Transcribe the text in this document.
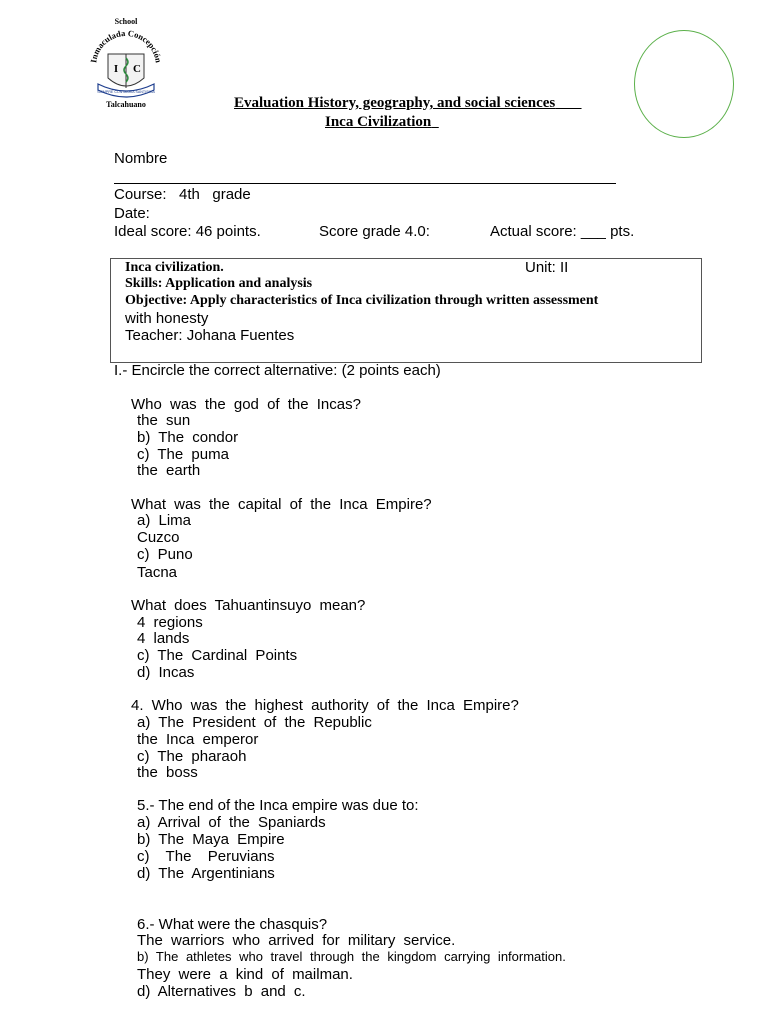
School
Inmaculada Concepción
I C
SIEMPRE CON MARIA SANTISIMA
Talcahuano	Evaluation History, geography, and social sciences
Inca Civilization
Nombre
Course:   4th   grade
Date:
Ideal score: 46 points.	Score grade 4.0:	Actual score: ___ pts.
Inca civilization.	Unit: II
Skills: Application and analysis
Objective: Apply characteristics of Inca civilization through written assessment
with honesty
Teacher: Johana Fuentes
I.- Encircle the correct alternative: (2 points each)
Who was the god of the Incas?
the sun
b) The condor
c) The puma
the earth
What was the capital of the Inca Empire?
a) Lima
Cuzco
c) Puno
Tacna
What does Tahuantinsuyo mean?
4 regions
4 lands
c) The Cardinal Points
d) Incas
4. Who was the highest authority of the Inca Empire?
a) The President of the Republic
the Inca emperor
c) The pharaoh
the boss
5.- The end of the Inca empire was due to:
a) Arrival of the Spaniards
b) The Maya Empire
c)  The  Peruvians
d) The Argentinians
6.- What were the chasquis?
The warriors who arrived for military service.
b) The athletes who travel through the kingdom carrying information.
They were a kind of mailman.
d) Alternatives b and c.
